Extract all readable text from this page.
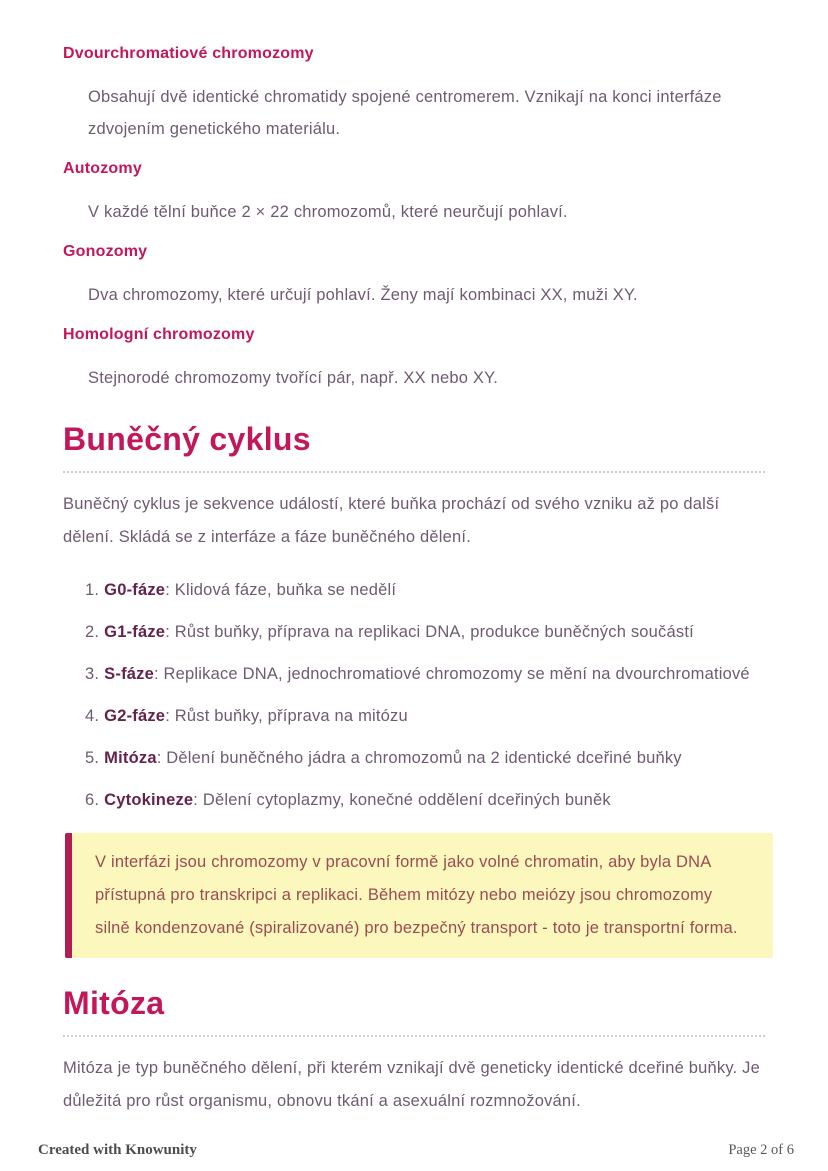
Dvourchromatiové chromozomy

Obsahují dvě identické chromatidy spojené centromerem. Vznikají na konci interfáze zdvojením genetického materiálu.

Autozomy

V každé tělní buňce 2 × 22 chromozomů, které neurčují pohlaví.

Gonozomy

Dva chromozomy, které určují pohlaví. Ženy mají kombinaci XX, muži XY.

Homologní chromozomy

Stejnorodé chromozomy tvořící pár, např. XX nebo XY.

Buněčný cyklus

Buněčný cyklus je sekvence událostí, které buňka prochází od svého vzniku až po další dělení. Skládá se z interfáze a fáze buněčného dělení.

1. G0-fáze: Klidová fáze, buňka se nedělí
2. G1-fáze: Růst buňky, příprava na replikaci DNA, produkce buněčných součástí
3. S-fáze: Replikace DNA, jednochromatiové chromozomy se mění na dvourchromatiové
4. G2-fáze: Růst buňky, příprava na mitózu
5. Mitóza: Dělení buněčného jádra a chromozomů na 2 identické dceřiné buňky
6. Cytokineze: Dělení cytoplazmy, konečné oddělení dceřiných buněk

V interfázi jsou chromozomy v pracovní formě jako volné chromatin, aby byla DNA přístupná pro transkripci a replikaci. Během mitózy nebo meiózy jsou chromozomy silně kondenzované (spiralizované) pro bezpečný transport - toto je transportní forma.

Mitóza

Mitóza je typ buněčného dělení, při kterém vznikají dvě geneticky identické dceřiné buňky. Je důležitá pro růst organismu, obnovu tkání a asexuální rozmnožování.

Created with Knowunity	Page 2 of 6
